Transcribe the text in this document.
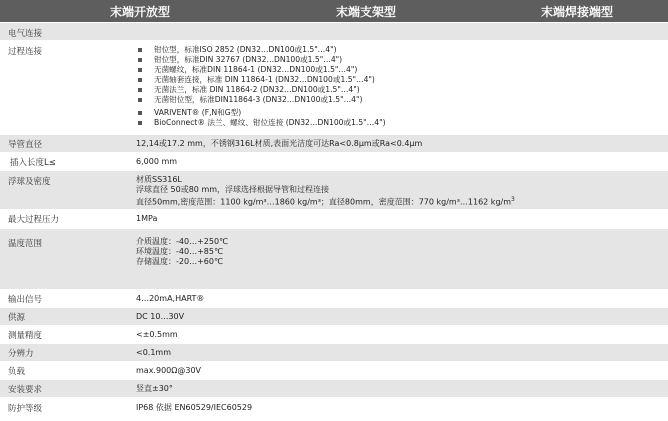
末端开放型	末端支架型	末端焊接端型
电气连接
过程连接	钳位型，标准ISO 2852 (DN32…DN100或1.5"…4")
钳位型，标准DIN 32767 (DN32…DN100或1.5"…4")
无菌螺纹，标准DIN 11864-1 (DN32…DN100或1.5"…4")
无菌轴套连接，标准 DIN 11864-1 (DN32…DN100或1.5"…4")
无菌法兰，标准 DIN 11864-2 (DN32…DN100或1.5"…4")
无菌钳位型，标准DIN11864-3 (DN32…DN100或1.5"…4")
VARIVENT® (F,N和G型)
BioConnect® 法兰、螺纹、钳位连接 (DN32…DN100或1.5"…4")
导管直径	12,14或17.2 mm，不锈钢316L材质,表面光洁度可达Ra<0.8µm或Ra<0.4µm
插入长度L≤	6,000 mm
浮球及密度	材质SS316L
浮球直径 50或80 mm，浮球选择根据导管和过程连接
直径50mm,密度范围：1100 kg/m³…1860 kg/m³；直径80mm，密度范围：770 kg/m³…1162 $kg/m^3$
最大过程压力	1MPa
温度范围	介质温度：-40…+250℃
环境温度：-40…+85℃
存储温度：-20…+60℃
输出信号	4…20mA,HART®
供源	DC 10…30V
测量精度	<±0.5mm
分辨力	<0.1mm
负载	max.900Ω@30V
安装要求	竖直±30°
防护等级	IP68 依据 EN60529/IEC60529
